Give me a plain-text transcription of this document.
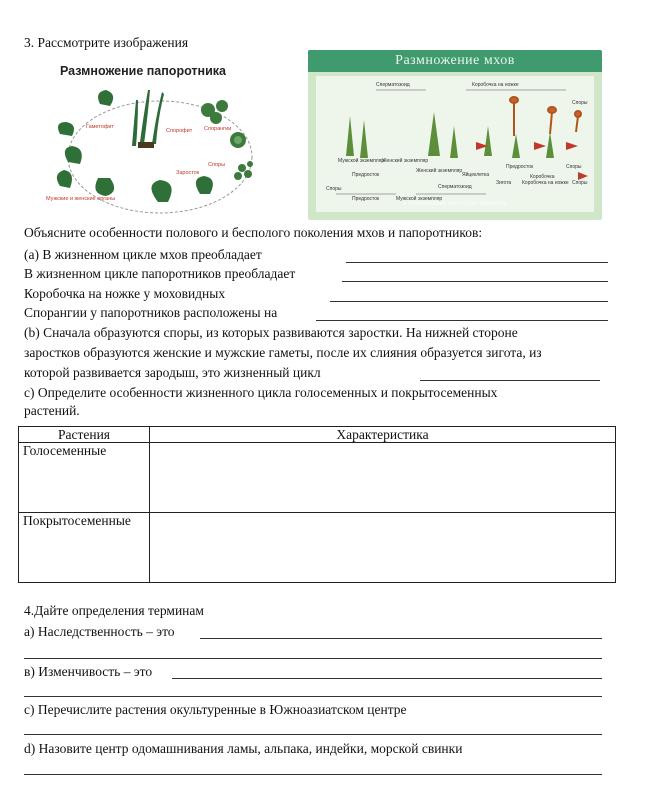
3. Рассмотрите изображения
Размножение папоротника
Гаметофит
Спорофит Спорангии
Споры
Заросток
Мужские и женские органы
Размножение мхов
Сперматозоид	Коробочка на ножке
Споры
Мужской экземпляр
Женский экземпляр
Предросток	Споры
Предросток
Женский экземпляр
Яйцеклетка	Коробочка
Зигота Коробочка на ножке Споры
Споры
Предросток	Мужской экземпляр
Сперматозоид
● Размножение мхов (цикл развития)
Объясните особенности полового и бесполого поколения мхов и папоротников:
(a) В жизненном цикле мхов преобладает
В жизненном цикле папоротников преобладает
Коробочка на ножке у моховидных
Спорангии у папоротников расположены на
(b) Сначала образуются споры, из которых развиваются заростки. На нижней стороне
заростков образуются женские и мужские гаметы, после их слияния образуется зигота, из
которой развивается зародыш, это жизненный цикл
c) Определите особенности жизненного цикла голосеменных и покрытосеменных
растений.
Растения	Характеристика
Голосеменные	
Покрытосеменные	
4.Дайте определения терминам
а) Наследственность – это
в) Изменчивость – это
с) Перечислите растения окультуренные в Южноазиатском центре
d) Назовите центр одомашнивания ламы, альпака, индейки, морской свинки
